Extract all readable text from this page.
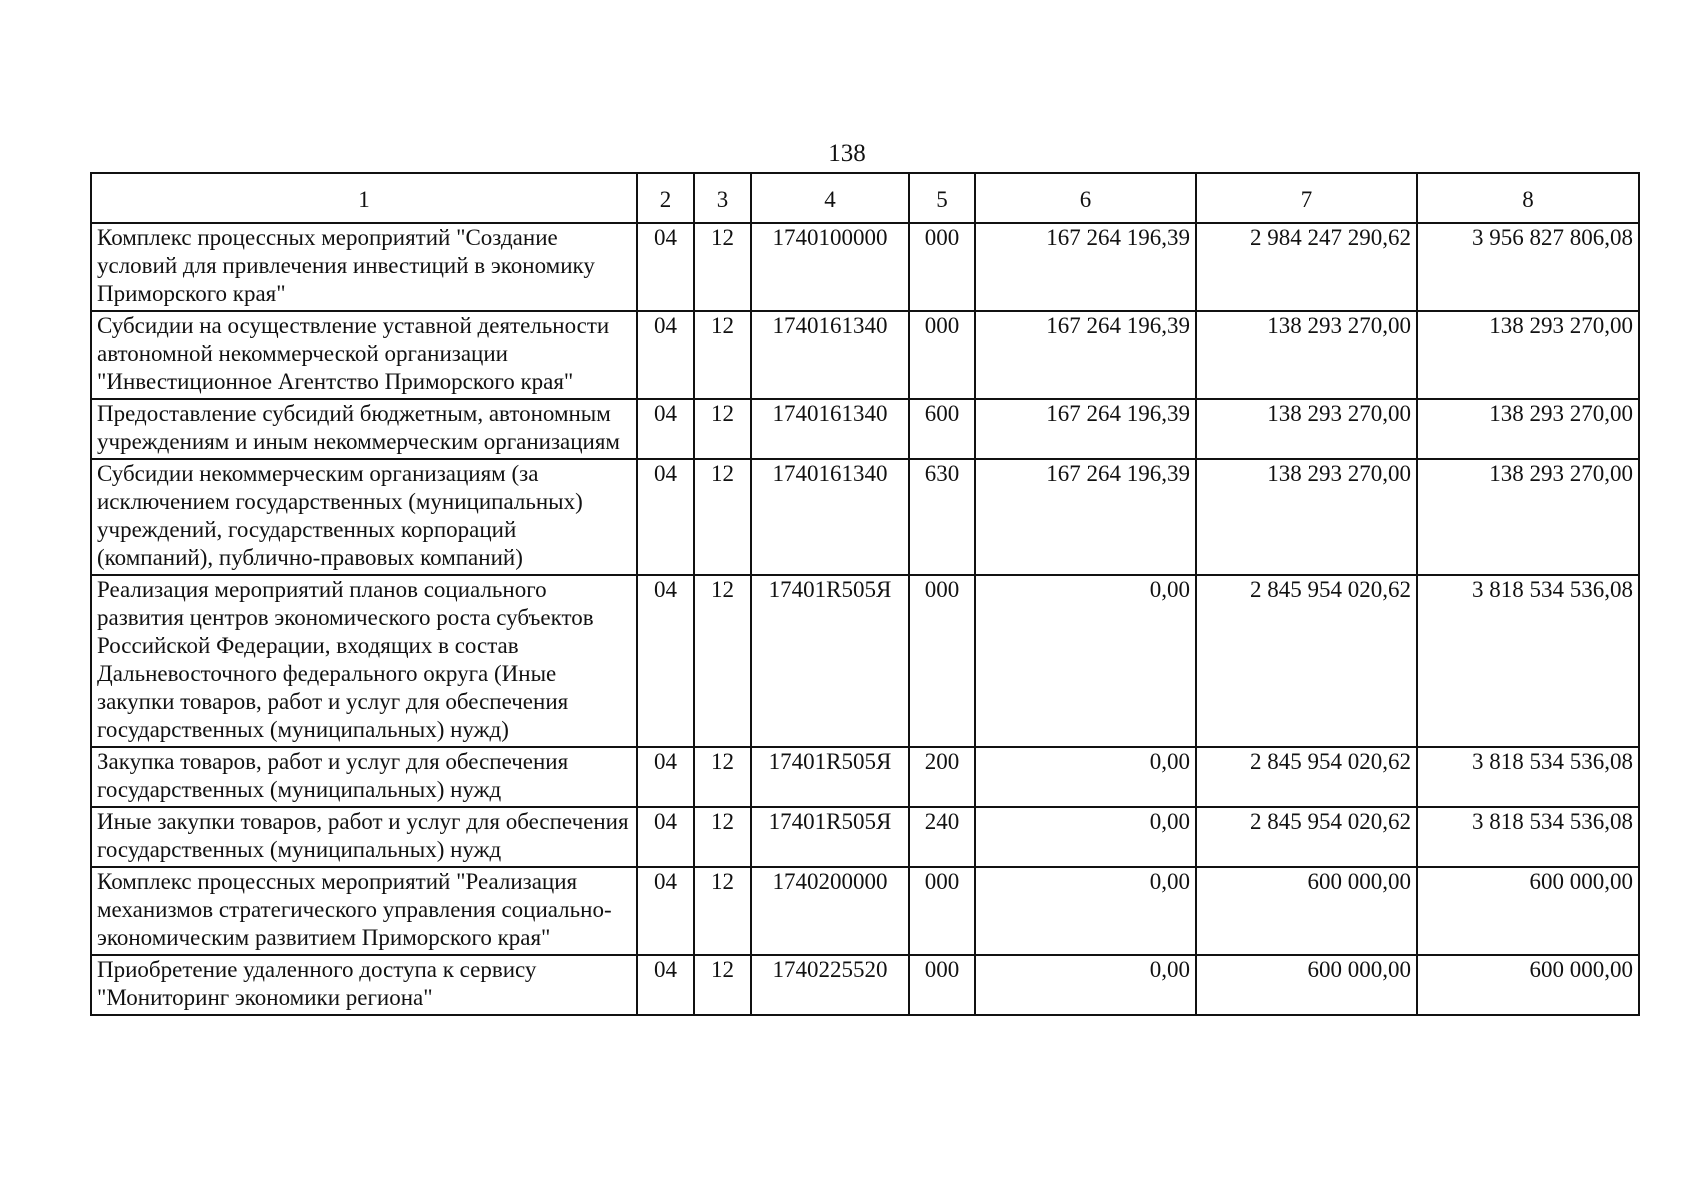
138
1	2	3	4	5	6	7	8
Комплекс процессных мероприятий "Создание условий для привлечения инвестиций в экономику Приморского края"	04	12	1740100000	000	167 264 196,39	2 984 247 290,62	3 956 827 806,08
Субсидии на осуществление уставной деятельности автономной некоммерческой организации "Инвестиционное Агентство Приморского края"	04	12	1740161340	000	167 264 196,39	138 293 270,00	138 293 270,00
Предоставление субсидий бюджетным, автономным учреждениям и иным некоммерческим организациям	04	12	1740161340	600	167 264 196,39	138 293 270,00	138 293 270,00
Субсидии некоммерческим организациям (за исключением государственных (муниципальных) учреждений, государственных корпораций (компаний), публично-правовых компаний)	04	12	1740161340	630	167 264 196,39	138 293 270,00	138 293 270,00
Реализация мероприятий планов социального развития центров экономического роста субъектов Российской Федерации, входящих в состав Дальневосточного федерального округа (Иные закупки товаров, работ и услуг для обеспечения государственных (муниципальных) нужд)	04	12	17401R505Я	000	0,00	2 845 954 020,62	3 818 534 536,08
Закупка товаров, работ и услуг для обеспечения государственных (муниципальных) нужд	04	12	17401R505Я	200	0,00	2 845 954 020,62	3 818 534 536,08
Иные закупки товаров, работ и услуг для обеспечения государственных (муниципальных) нужд	04	12	17401R505Я	240	0,00	2 845 954 020,62	3 818 534 536,08
Комплекс процессных мероприятий "Реализация механизмов стратегического управления социально-экономическим развитием Приморского края"	04	12	1740200000	000	0,00	600 000,00	600 000,00
Приобретение удаленного доступа к сервису "Мониторинг экономики региона"	04	12	1740225520	000	0,00	600 000,00	600 000,00
